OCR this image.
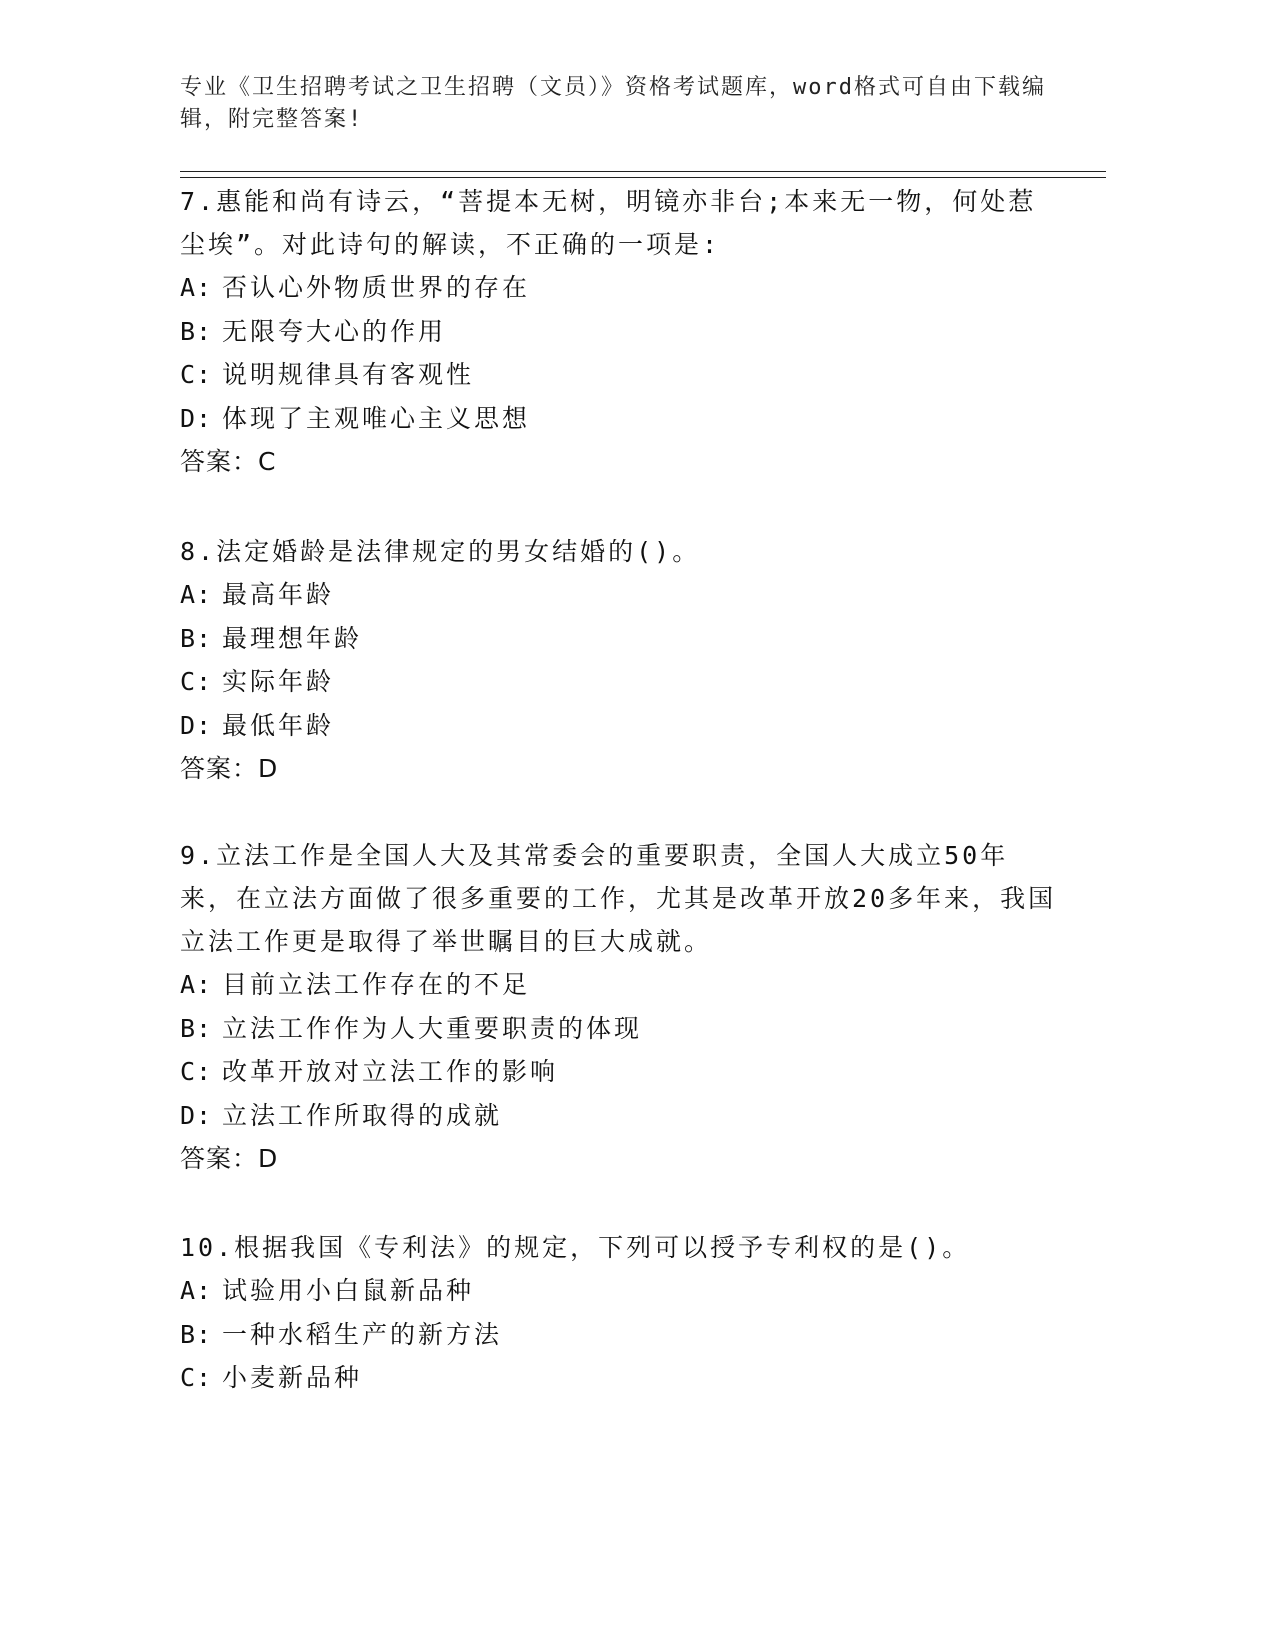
专业《卫生招聘考试之卫生招聘（文员）》资格考试题库，word格式可自由下载编辑，附完整答案!

7.惠能和尚有诗云，“菩提本无树，明镜亦非台;本来无一物，何处惹尘埃”。对此诗句的解读，不正确的一项是:

A: 否认心外物质世界的存在

B: 无限夸大心的作用

C: 说明规律具有客观性

D: 体现了主观唯心主义思想

答案：C

8.法定婚龄是法律规定的男女结婚的()。

A: 最高年龄

B: 最理想年龄

C: 实际年龄

D: 最低年龄

答案：D

9.立法工作是全国人大及其常委会的重要职责，全国人大成立50年来，在立法方面做了很多重要的工作，尤其是改革开放20多年来，我国立法工作更是取得了举世瞩目的巨大成就。

A: 目前立法工作存在的不足

B: 立法工作作为人大重要职责的体现

C: 改革开放对立法工作的影响

D: 立法工作所取得的成就

答案：D

10.根据我国《专利法》的规定，下列可以授予专利权的是()。

A: 试验用小白鼠新品种

B: 一种水稻生产的新方法

C: 小麦新品种
